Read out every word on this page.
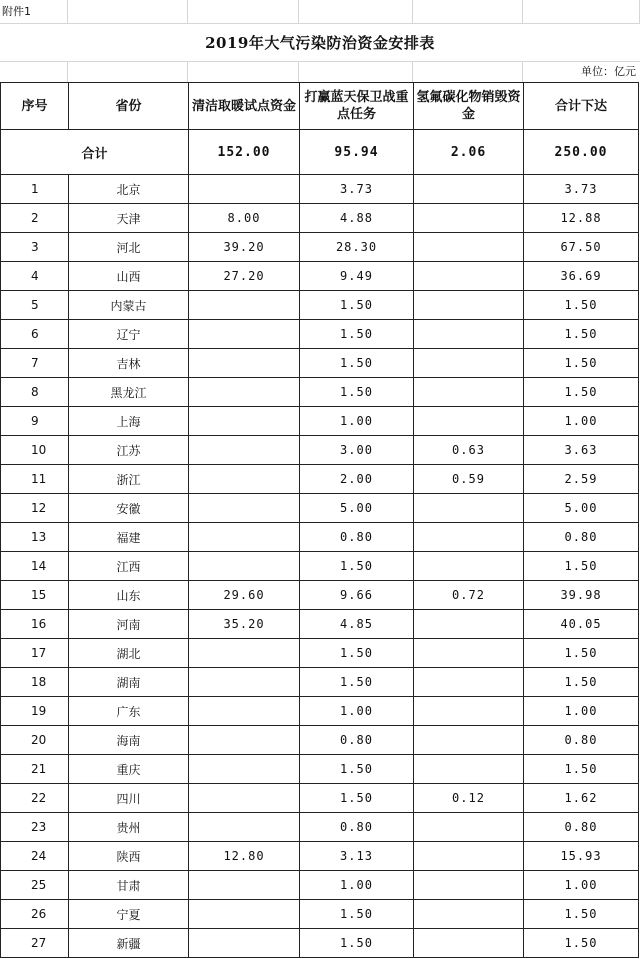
附件1
2019年大气污染防治资金安排表
单位：亿元
序号	省份	清洁取暖试点资金	打赢蓝天保卫战重点任务	氢氟碳化物销毁资金	合计下达
合计		152.00	95.94	2.06	250.00
1	北京		3.73		3.73
2	天津	8.00	4.88		12.88
3	河北	39.20	28.30		67.50
4	山西	27.20	9.49		36.69
5	内蒙古		1.50		1.50
6	辽宁		1.50		1.50
7	吉林		1.50		1.50
8	黑龙江		1.50		1.50
9	上海		1.00		1.00
10	江苏		3.00	0.63	3.63
11	浙江		2.00	0.59	2.59
12	安徽		5.00		5.00
13	福建		0.80		0.80
14	江西		1.50		1.50
15	山东	29.60	9.66	0.72	39.98
16	河南	35.20	4.85		40.05
17	湖北		1.50		1.50
18	湖南		1.50		1.50
19	广东		1.00		1.00
20	海南		0.80		0.80
21	重庆		1.50		1.50
22	四川		1.50	0.12	1.62
23	贵州		0.80		0.80
24	陕西	12.80	3.13		15.93
25	甘肃		1.00		1.00
26	宁夏		1.50		1.50
27	新疆		1.50		1.50
